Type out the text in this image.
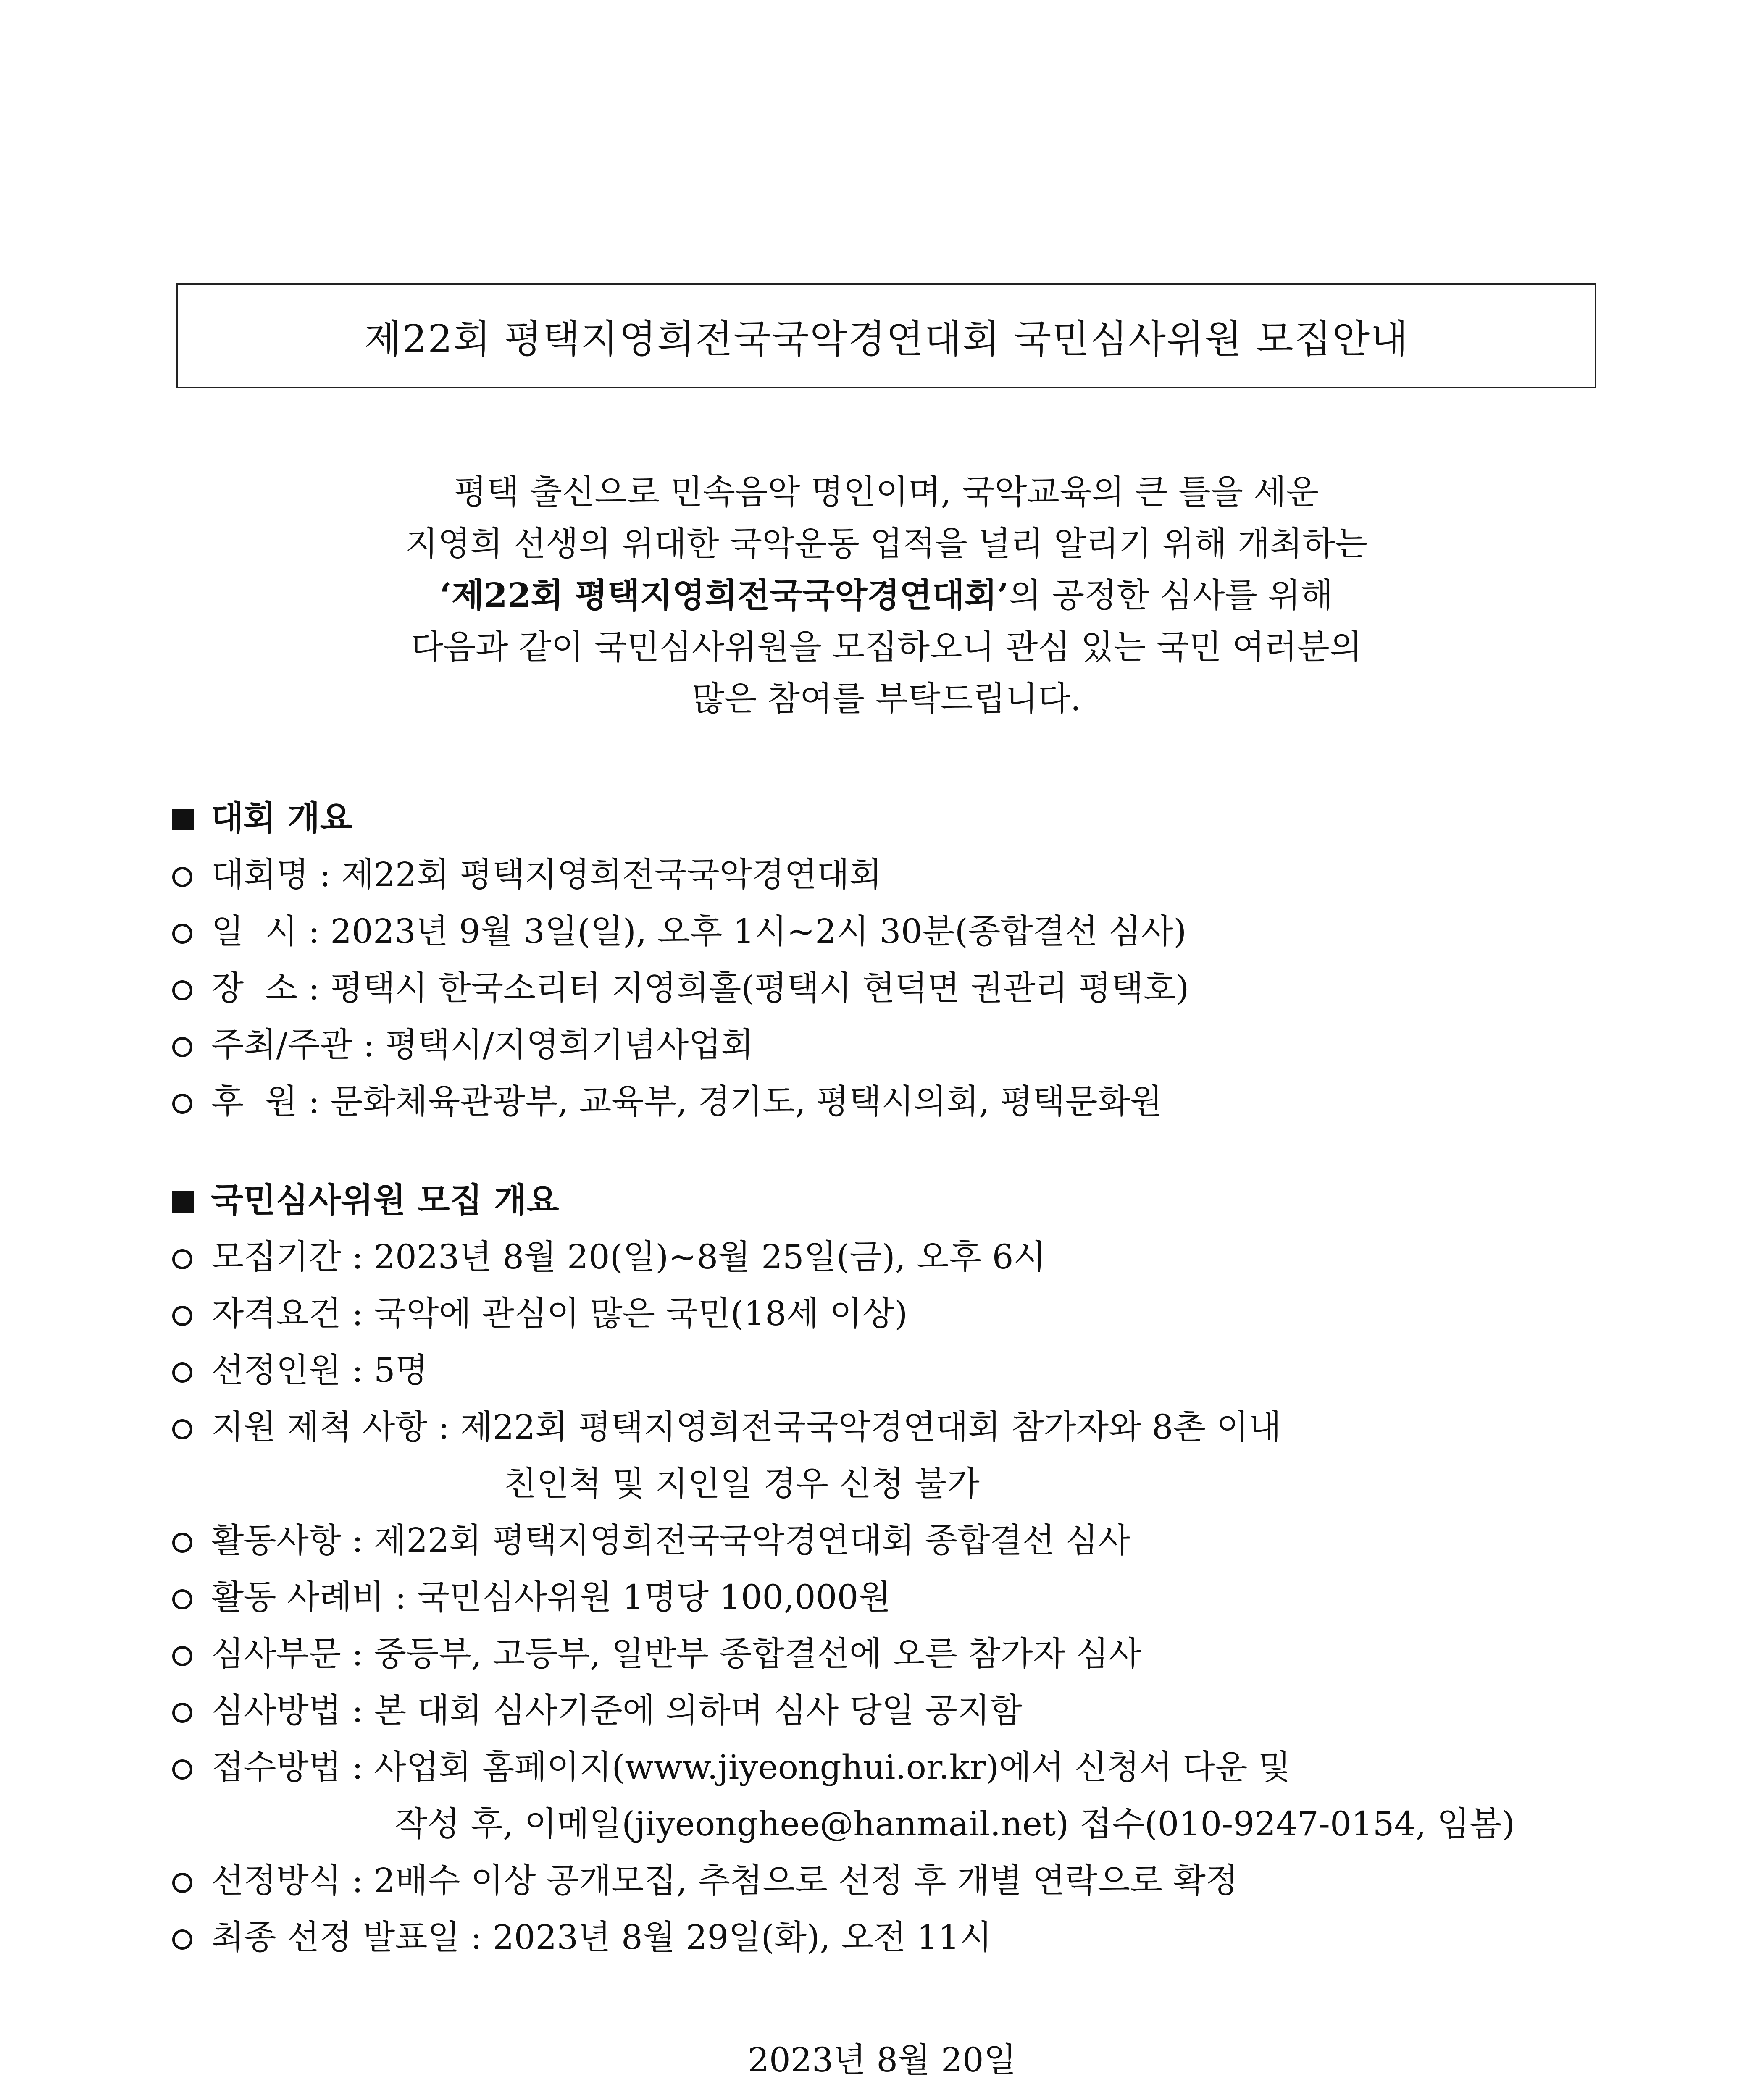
제22회 평택지영희전국국악경연대회 국민심사위원 모집안내
평택 출신으로 민속음악 명인이며, 국악교육의 큰 틀을 세운
지영희 선생의 위대한 국악운동 업적을 널리 알리기 위해 개최하는
‘제22회 평택지영희전국국악경연대회’의 공정한 심사를 위해
다음과 같이 국민심사위원을 모집하오니 관심 있는 국민 여러분의
많은 참여를 부탁드립니다.
대회 개요
대회명 : 제22회 평택지영희전국국악경연대회
일  시 : 2023년 9월 3일(일), 오후 1시~2시 30분(종합결선 심사)
장  소 : 평택시 한국소리터 지영희홀(평택시 현덕면 권관리 평택호)
주최/주관 : 평택시/지영희기념사업회
후  원 : 문화체육관광부, 교육부, 경기도, 평택시의회, 평택문화원
국민심사위원 모집 개요
모집기간 : 2023년 8월 20(일)~8월 25일(금), 오후 6시
자격요건 : 국악에 관심이 많은 국민(18세 이상)
선정인원 : 5명
지원 제척 사항 : 제22회 평택지영희전국국악경연대회 참가자와 8촌 이내
친인척 및 지인일 경우 신청 불가
활동사항 : 제22회 평택지영희전국국악경연대회 종합결선 심사
활동 사례비 : 국민심사위원 1명당 100,000원
심사부문 : 중등부, 고등부, 일반부 종합결선에 오른 참가자 심사
심사방법 : 본 대회 심사기준에 의하며 심사 당일 공지함
접수방법 : 사업회 홈페이지(www.jiyeonghui.or.kr)에서 신청서 다운 및
작성 후, 이메일(jiyeonghee@hanmail.net) 접수(010-9247-0154, 임봄)
선정방식 : 2배수 이상 공개모집, 추첨으로 선정 후 개별 연락으로 확정
최종 선정 발표일 : 2023년 8월 29일(화), 오전 11시
2023년 8월 20일
